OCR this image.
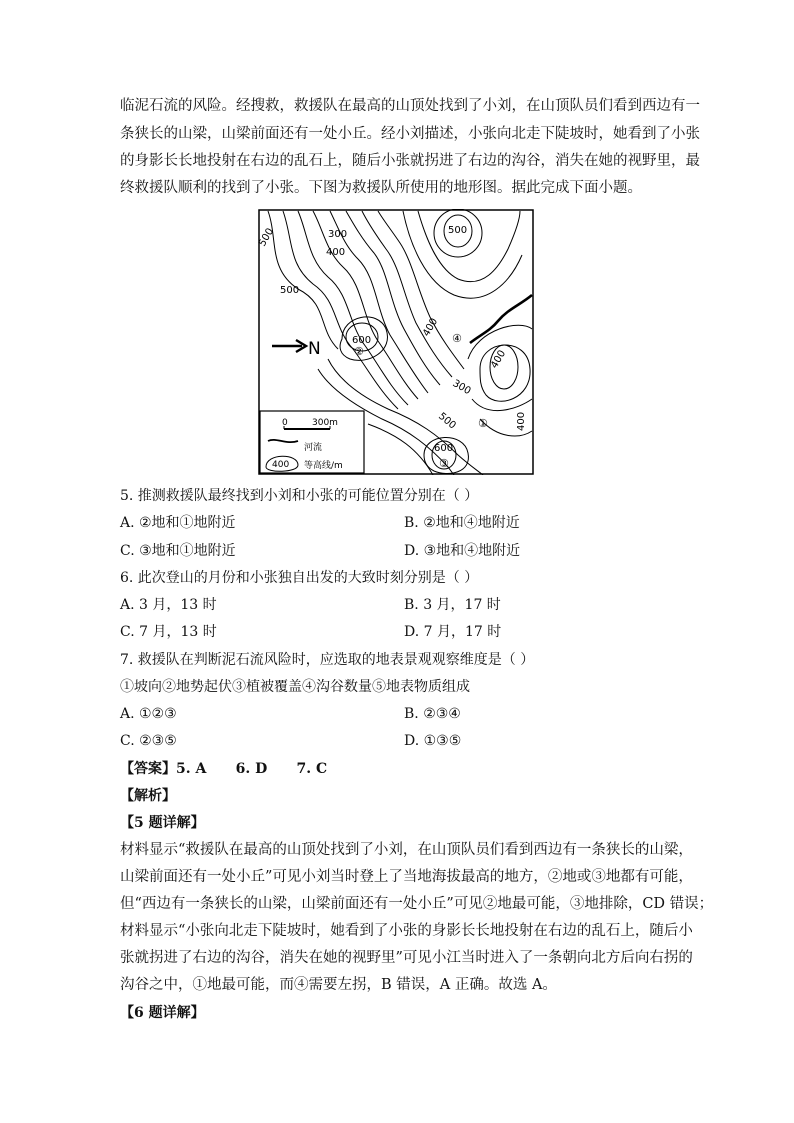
临泥石流的风险。经搜救，救援队在最高的山顶处找到了小刘，在山顶队员们看到西边有一
条狭长的山梁，山梁前面还有一处小丘。经小刘描述，小张向北走下陡坡时，她看到了小张
的身影长长地投射在右边的乱石上，随后小张就拐进了右边的沟谷，消失在她的视野里，最
终救援队顺利的找到了小张。下图为救援队所使用的地形图。据此完成下面小题。
500	300
400
500
500
600
400
300
400
500	400
600
②
④
①
③
N
0	300m
河流
400 等高线/m
5. 推测救援队最终找到小刘和小张的可能位置分别在（ ）
A. ②地和①地附近	B. ②地和④地附近
C. ③地和①地附近	D. ③地和④地附近
6. 此次登山的月份和小张独自出发的大致时刻分别是（ ）
A. 3 月，13 时	B. 3 月，17 时
C. 7 月，13 时	D. 7 月，17 时
7. 救援队在判断泥石流风险时，应选取的地表景观观察维度是（ ）
①坡向②地势起伏③植被覆盖④沟谷数量⑤地表物质组成
A. ①②③	B. ②③④
C. ②③⑤	D. ①③⑤
【答案】5. A      6. D      7. C
【解析】
【5 题详解】
材料显示“救援队在最高的山顶处找到了小刘，在山顶队员们看到西边有一条狭长的山梁，
山梁前面还有一处小丘”可见小刘当时登上了当地海拔最高的地方，②地或③地都有可能，
但“西边有一条狭长的山梁，山梁前面还有一处小丘”可见②地最可能，③地排除，CD 错误；
材料显示“小张向北走下陡坡时，她看到了小张的身影长长地投射在右边的乱石上，随后小
张就拐进了右边的沟谷，消失在她的视野里”可见小江当时进入了一条朝向北方后向右拐的
沟谷之中，①地最可能，而④需要左拐，B 错误，A 正确。故选 A。
【6 题详解】
